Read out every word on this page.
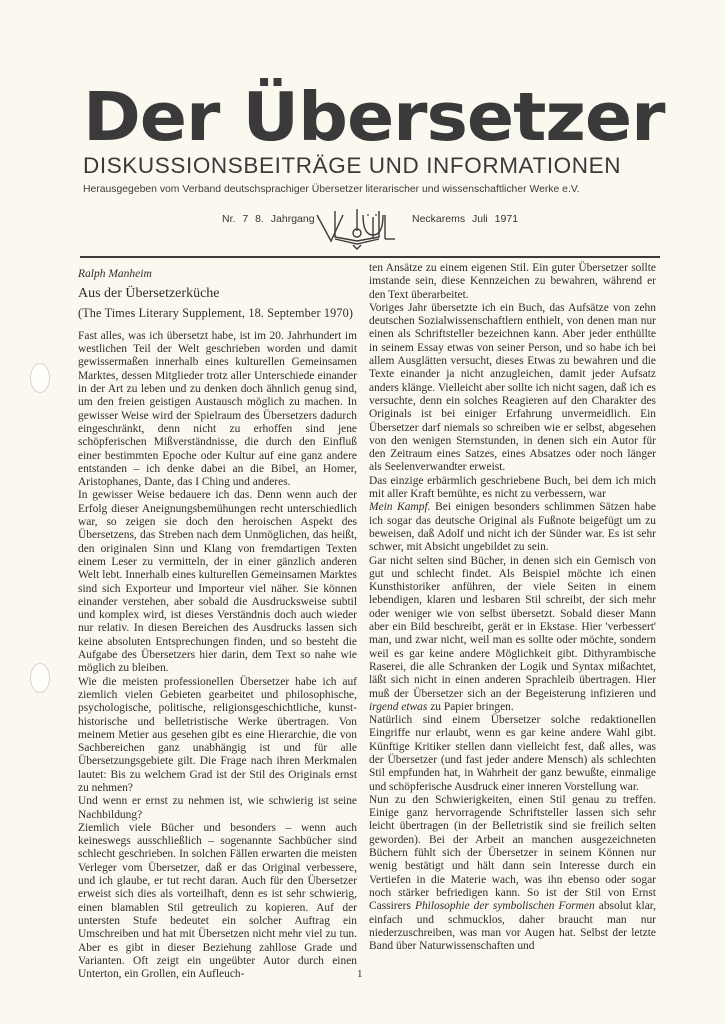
Der Übersetzer
DISKUSSIONSBEITRÄGE UND INFORMATIONEN
Herausgegeben vom Verband deutschsprachiger Übersetzer literarischer und wissenschaftlicher Werke e.V.
Nr. 7 8. Jahrgang	Neckarems Juli 1971

Ralph Manheim

Aus der Übersetzerküche

(The Times Literary Supplement, 18. September 1970)

Fast alles, was ich übersetzt habe, ist im 20. Jahrhundert im westlichen Teil der Welt geschrieben worden und damit gewissermaßen innerhalb eines kulturellen Gemeinsamen Marktes, dessen Mitglieder trotz aller Unterschiede einander in der Art zu leben und zu denken doch ähnlich genug sind, um den freien geistigen Austausch möglich zu machen. In gewisser Weise wird der Spielraum des Übersetzers dadurch eingeschränkt, denn nicht zu erhoffen sind jene schöpferischen Mißverständnisse, die durch den Einfluß einer bestimmten Epoche oder Kultur auf eine ganz andere entstanden – ich denke dabei an die Bibel, an Homer, Aristophanes, Dante, das I Ching und anderes.

In gewisser Weise bedauere ich das. Denn wenn auch der Erfolg dieser Aneignungsbemühungen recht unterschiedlich war, so zeigen sie doch den heroischen Aspekt des Übersetzens, das Streben nach dem Unmöglichen, das heißt, den originalen Sinn und Klang von fremdartigen Texten einem Leser zu vermitteln, der in einer gänzlich anderen Welt lebt. Innerhalb eines kulturellen Gemeinsamen Marktes sind sich Exporteur und Importeur viel näher. Sie können einander verstehen, aber sobald die Ausdrucksweise subtil und komplex wird, ist dieses Verständnis doch auch wieder nur relativ. In diesen Bereichen des Ausdrucks lassen sich keine absoluten Entsprechungen finden, und so besteht die Aufgabe des Übersetzers hier darin, dem Text so nahe wie möglich zu bleiben.

Wie die meisten professionellen Übersetzer habe ich auf ziemlich vielen Gebieten gearbeitet und philosophische, psychologische, politische, religionsgeschichtliche, kunsthistorische und belletristische Werke übertragen. Von meinem Metier aus gesehen gibt es eine Hierarchie, die von Sachbereichen ganz unabhängig ist und für alle Übersetzungsgebiete gilt. Die Frage nach ihren Merkmalen lautet: Bis zu welchem Grad ist der Stil des Originals ernst zu nehmen?

Und wenn er ernst zu nehmen ist, wie schwierig ist seine Nachbildung?

Ziemlich viele Bücher und besonders – wenn auch keineswegs ausschließlich – sogenannte Sachbücher sind schlecht geschrieben. In solchen Fällen erwarten die meisten Verleger vom Übersetzer, daß er das Original verbessere, und ich glaube, er tut recht daran. Auch für den Übersetzer erweist sich dies als vorteilhaft, denn es ist sehr schwierig, einen blamablen Stil getreulich zu kopieren. Auf der untersten Stufe bedeutet ein solcher Auftrag ein Umschreiben und hat mit Übersetzen nicht mehr viel zu tun. Aber es gibt in dieser Beziehung zahllose Grade und Varianten. Oft zeigt ein ungeübter Autor durch einen Unterton, ein Grollen, ein Aufleuch-

ten Ansätze zu einem eigenen Stil. Ein guter Übersetzer sollte imstande sein, diese Kennzeichen zu bewahren, während er den Text überarbeitet.

Voriges Jahr übersetzte ich ein Buch, das Aufsätze von zehn deutschen Sozialwissenschaftlern enthielt, von denen man nur einen als Schriftsteller bezeichnen kann. Aber jeder enthüllte in seinem Essay etwas von seiner Person, und so habe ich bei allem Ausglätten versucht, dieses Etwas zu bewahren und die Texte einander ja nicht anzugleichen, damit jeder Aufsatz anders klänge. Vielleicht aber sollte ich nicht sagen, daß ich es versuchte, denn ein solches Reagieren auf den Charakter des Originals ist bei einiger Erfahrung unvermeidlich. Ein Übersetzer darf niemals so schreiben wie er selbst, abgesehen von den wenigen Sternstunden, in denen sich ein Autor für den Zeitraum eines Satzes, eines Absatzes oder noch länger als Seelenverwandter erweist.

Das einzige erbärmlich geschriebene Buch, bei dem ich mich mit aller Kraft bemühte, es nicht zu verbessern, war
Mein Kampf. Bei einigen besonders schlimmen Sätzen habe ich sogar das deutsche Original als Fußnote beigefügt um zu beweisen, daß Adolf und nicht ich der Sünder war. Es ist sehr schwer, mit Absicht ungebildet zu sein.

Gar nicht selten sind Bücher, in denen sich ein Gemisch von gut und schlecht findet. Als Beispiel möchte ich einen Kunsthistoriker anführen, der viele Seiten in einem lebendigen, klaren und lesbaren Stil schreibt, der sich mehr oder weniger wie von selbst übersetzt. Sobald dieser Mann aber ein Bild beschreibt, gerät er in Ekstase. Hier 'verbessert' man, und zwar nicht, weil man es sollte oder möchte, sondern weil es gar keine andere Möglichkeit gibt. Dithyrambische Raserei, die alle Schranken der Logik und Syntax mißachtet, läßt sich nicht in einen anderen Sprachleib übertragen. Hier muß der Übersetzer sich an der Begeisterung infizieren und irgend etwas zu Papier bringen.

Natürlich sind einem Übersetzer solche redaktionellen Eingriffe nur erlaubt, wenn es gar keine andere Wahl gibt. Künftige Kritiker stellen dann vielleicht fest, daß alles, was der Übersetzer (und fast jeder andere Mensch) als schlechten Stil empfunden hat, in Wahrheit der ganz bewußte, einmalige und schöpferische Ausdruck einer inneren Vorstellung war.

Nun zu den Schwierigkeiten, einen Stil genau zu treffen. Einige ganz hervorragende Schriftsteller lassen sich sehr leicht übertragen (in der Belletristik sind sie freilich selten geworden). Bei der Arbeit an manchen ausgezeichneten Büchern fühlt sich der Übersetzer in seinem Können nur wenig bestätigt und hält dann sein Interesse durch ein Vertiefen in die Materie wach, was ihn ebenso oder sogar noch stärker befriedigen kann. So ist der Stil von Ernst Cassirers Philosophie der symbolischen Formen absolut klar, einfach und schmucklos, daher braucht man nur niederzuschreiben, was man vor Augen hat. Selbst der letzte Band über Naturwissenschaften und

1
